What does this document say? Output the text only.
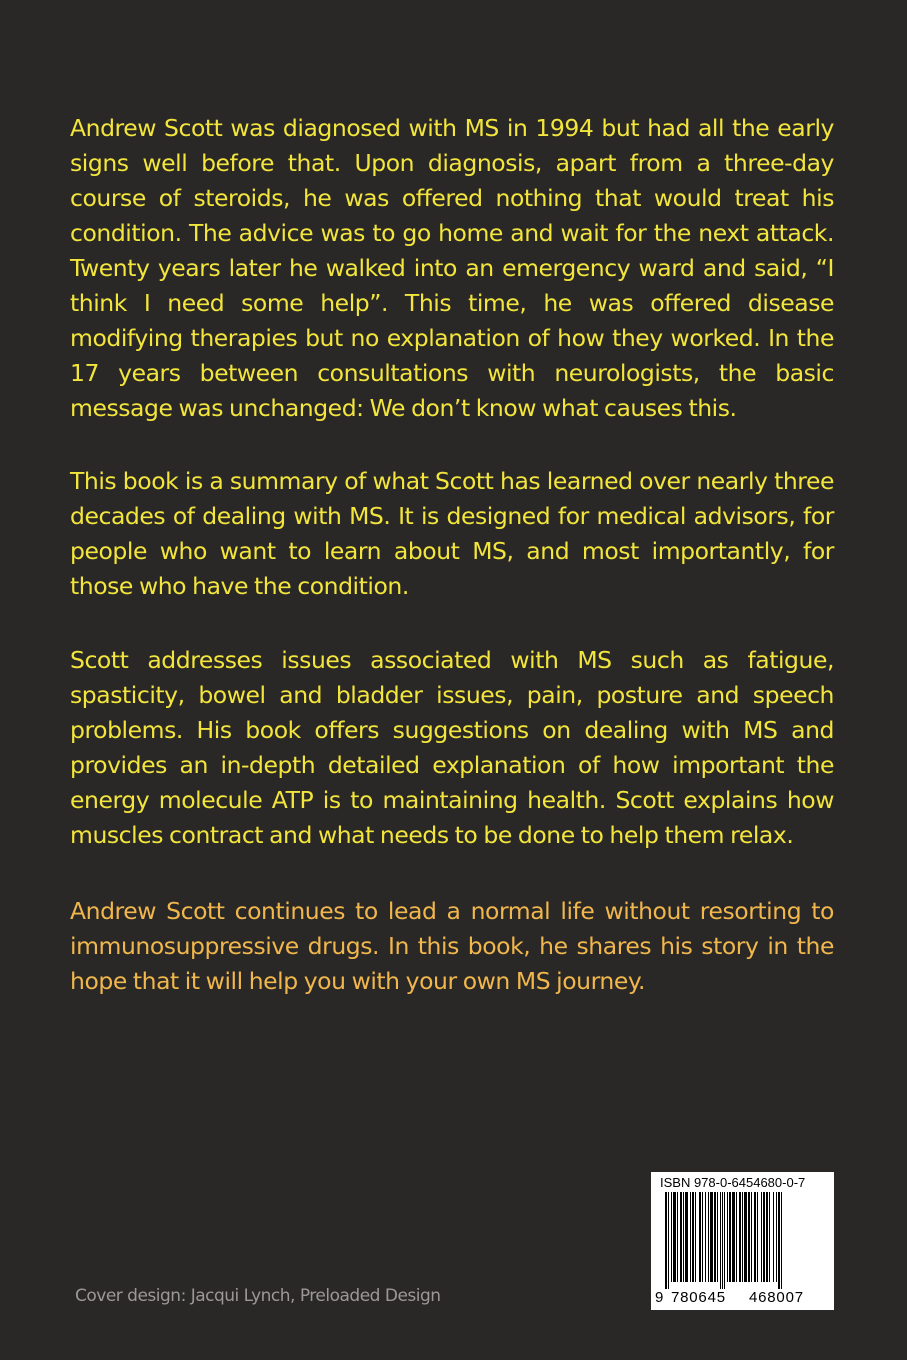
Andrew Scott was diagnosed with MS in 1994 but had all the early signs well before that. Upon diagnosis, apart from a three-day course of steroids, he was offered nothing that would treat his condition. The advice was to go home and wait for the next attack. Twenty years later he walked into an emergency ward and said, “I think I need some help”. This time, he was offered disease modifying therapies but no explanation of how they worked. In the 17 years between consultations with neurologists, the basic message was unchanged: We don’t know what causes this.
This book is a summary of what Scott has learned over nearly three decades of dealing with MS. It is designed for medical advisors, for people who want to learn about MS, and most importantly, for those who have the condition.
Scott addresses issues associated with MS such as fatigue, spasticity, bowel and bladder issues, pain, posture and speech problems. His book offers suggestions on dealing with MS and provides an in-depth detailed explanation of how important the energy molecule ATP is to maintaining health. Scott explains how muscles contract and what needs to be done to help them relax.
Andrew Scott continues to lead a normal life without resorting to immunosuppressive drugs. In this book, he shares his story in the hope that it will help you with your own MS journey.
Cover design: Jacqui Lynch, Preloaded Design
ISBN 978-0-6454680-0-7
9 780645 468007
